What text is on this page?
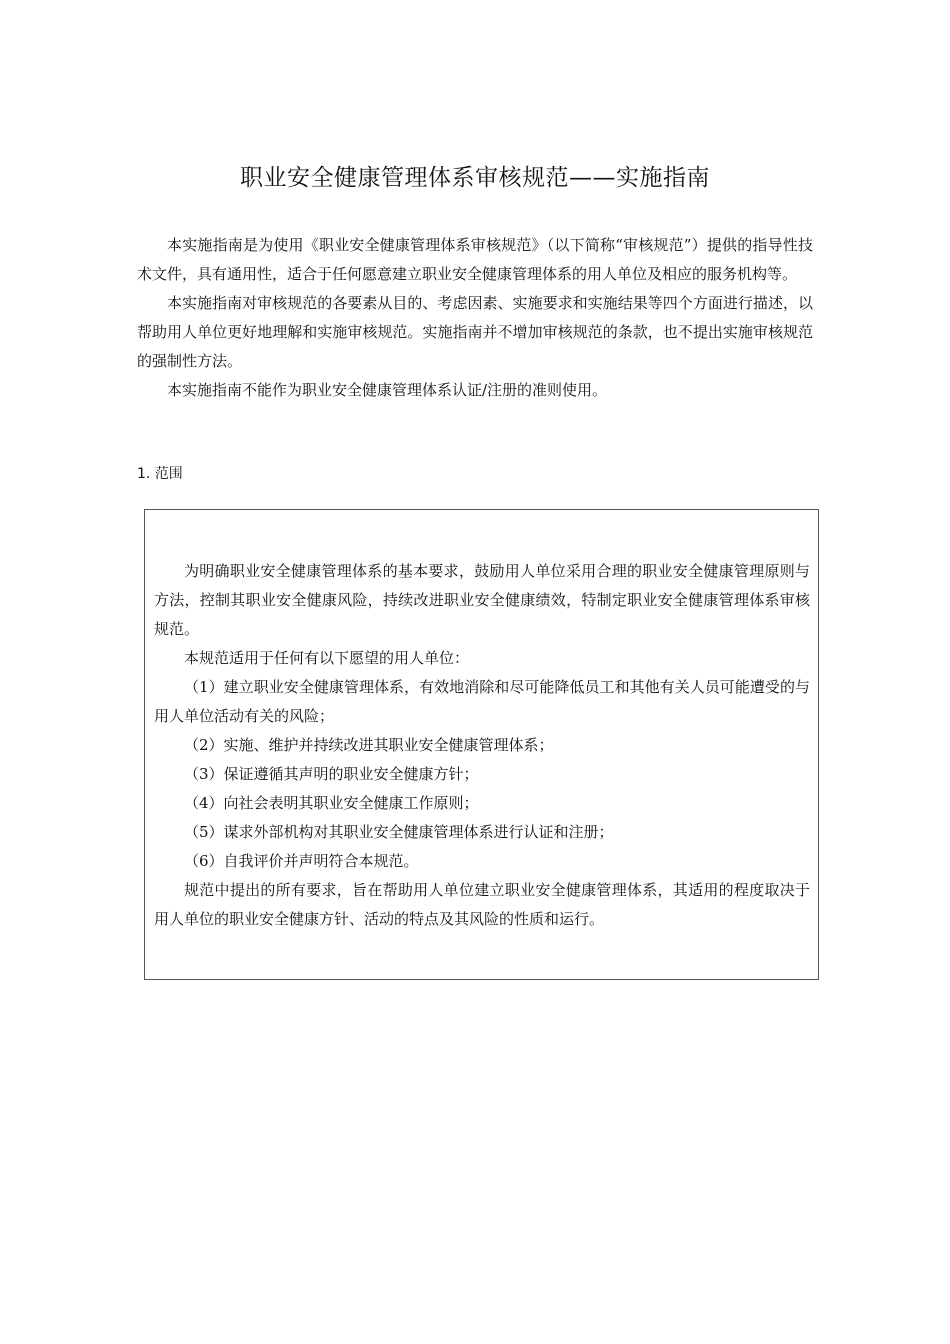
职业安全健康管理体系审核规范——实施指南

本实施指南是为使用《职业安全健康管理体系审核规范》（以下简称“审核规范”）提供的指导性技术文件，具有通用性，适合于任何愿意建立职业安全健康管理体系的用人单位及相应的服务机构等。

本实施指南对审核规范的各要素从目的、考虑因素、实施要求和实施结果等四个方面进行描述，以帮助用人单位更好地理解和实施审核规范。实施指南并不增加审核规范的条款，也不提出实施审核规范的强制性方法。

本实施指南不能作为职业安全健康管理体系认证/注册的准则使用。

1. 范围

为明确职业安全健康管理体系的基本要求，鼓励用人单位采用合理的职业安全健康管理原则与方法，控制其职业安全健康风险，持续改进职业安全健康绩效，特制定职业安全健康管理体系审核规范。

本规范适用于任何有以下愿望的用人单位：

（1）建立职业安全健康管理体系，有效地消除和尽可能降低员工和其他有关人员可能遭受的与用人单位活动有关的风险；

（2）实施、维护并持续改进其职业安全健康管理体系；

（3）保证遵循其声明的职业安全健康方针；

（4）向社会表明其职业安全健康工作原则；

（5）谋求外部机构对其职业安全健康管理体系进行认证和注册；

（6）自我评价并声明符合本规范。

规范中提出的所有要求，旨在帮助用人单位建立职业安全健康管理体系，其适用的程度取决于用人单位的职业安全健康方针、活动的特点及其风险的性质和运行。
